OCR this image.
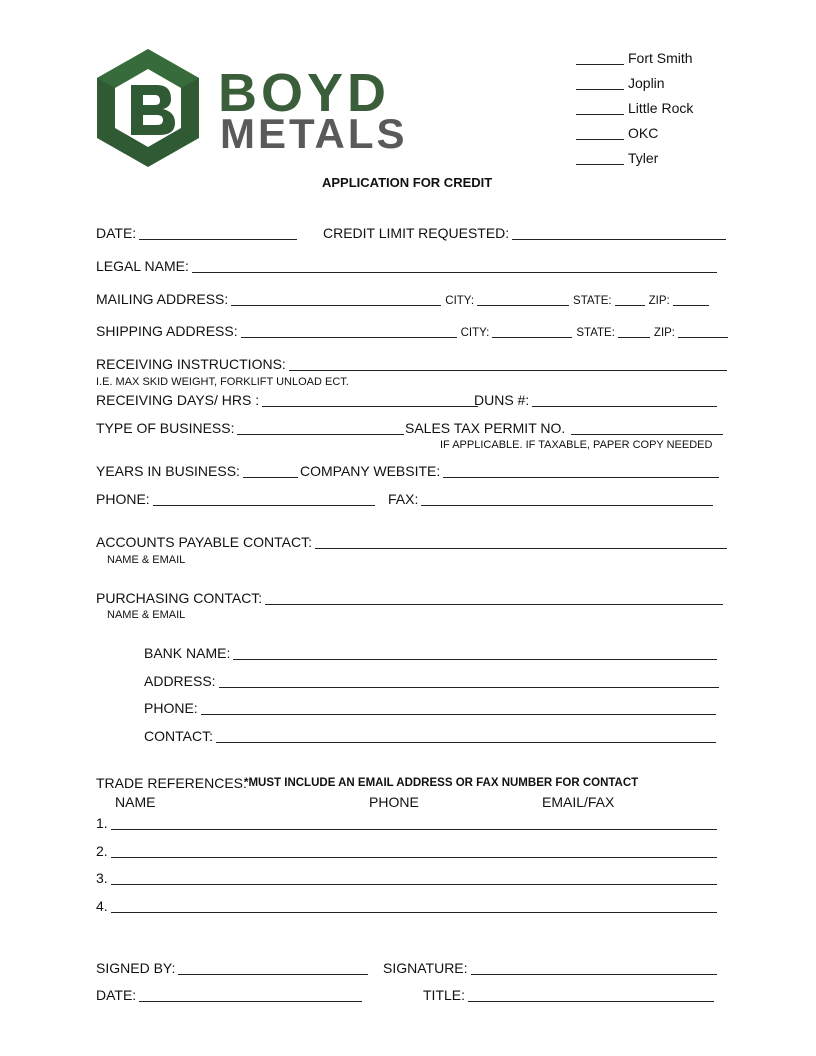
BOYD
METALS
Fort Smith
Joplin
Little Rock
OKC
Tyler
APPLICATION FOR CREDIT
DATE:	CREDIT LIMIT REQUESTED:
LEGAL NAME:
MAILING ADDRESS:	CITY:	STATE:	ZIP:
SHIPPING ADDRESS:	CITY:	STATE:	ZIP:
RECEIVING INSTRUCTIONS:
I.E. MAX SKID WEIGHT, FORKLIFT UNLOAD ECT.
RECEIVING DAYS/ HRS :	DUNS #:
TYPE OF BUSINESS:	SALES TAX PERMIT NO.
IF APPLICABLE. IF TAXABLE, PAPER COPY NEEDED
YEARS IN BUSINESS:	COMPANY WEBSITE:
PHONE:	FAX:
ACCOUNTS PAYABLE CONTACT:
NAME & EMAIL
PURCHASING CONTACT:
NAME & EMAIL
BANK NAME:
ADDRESS:
PHONE:
CONTACT:
TRADE REFERENCES:
*MUST INCLUDE AN EMAIL ADDRESS OR FAX NUMBER FOR CONTACT
NAME	PHONE	EMAIL/FAX
1.
2.
3.
4.
SIGNED BY:	SIGNATURE:
DATE:	TITLE:
